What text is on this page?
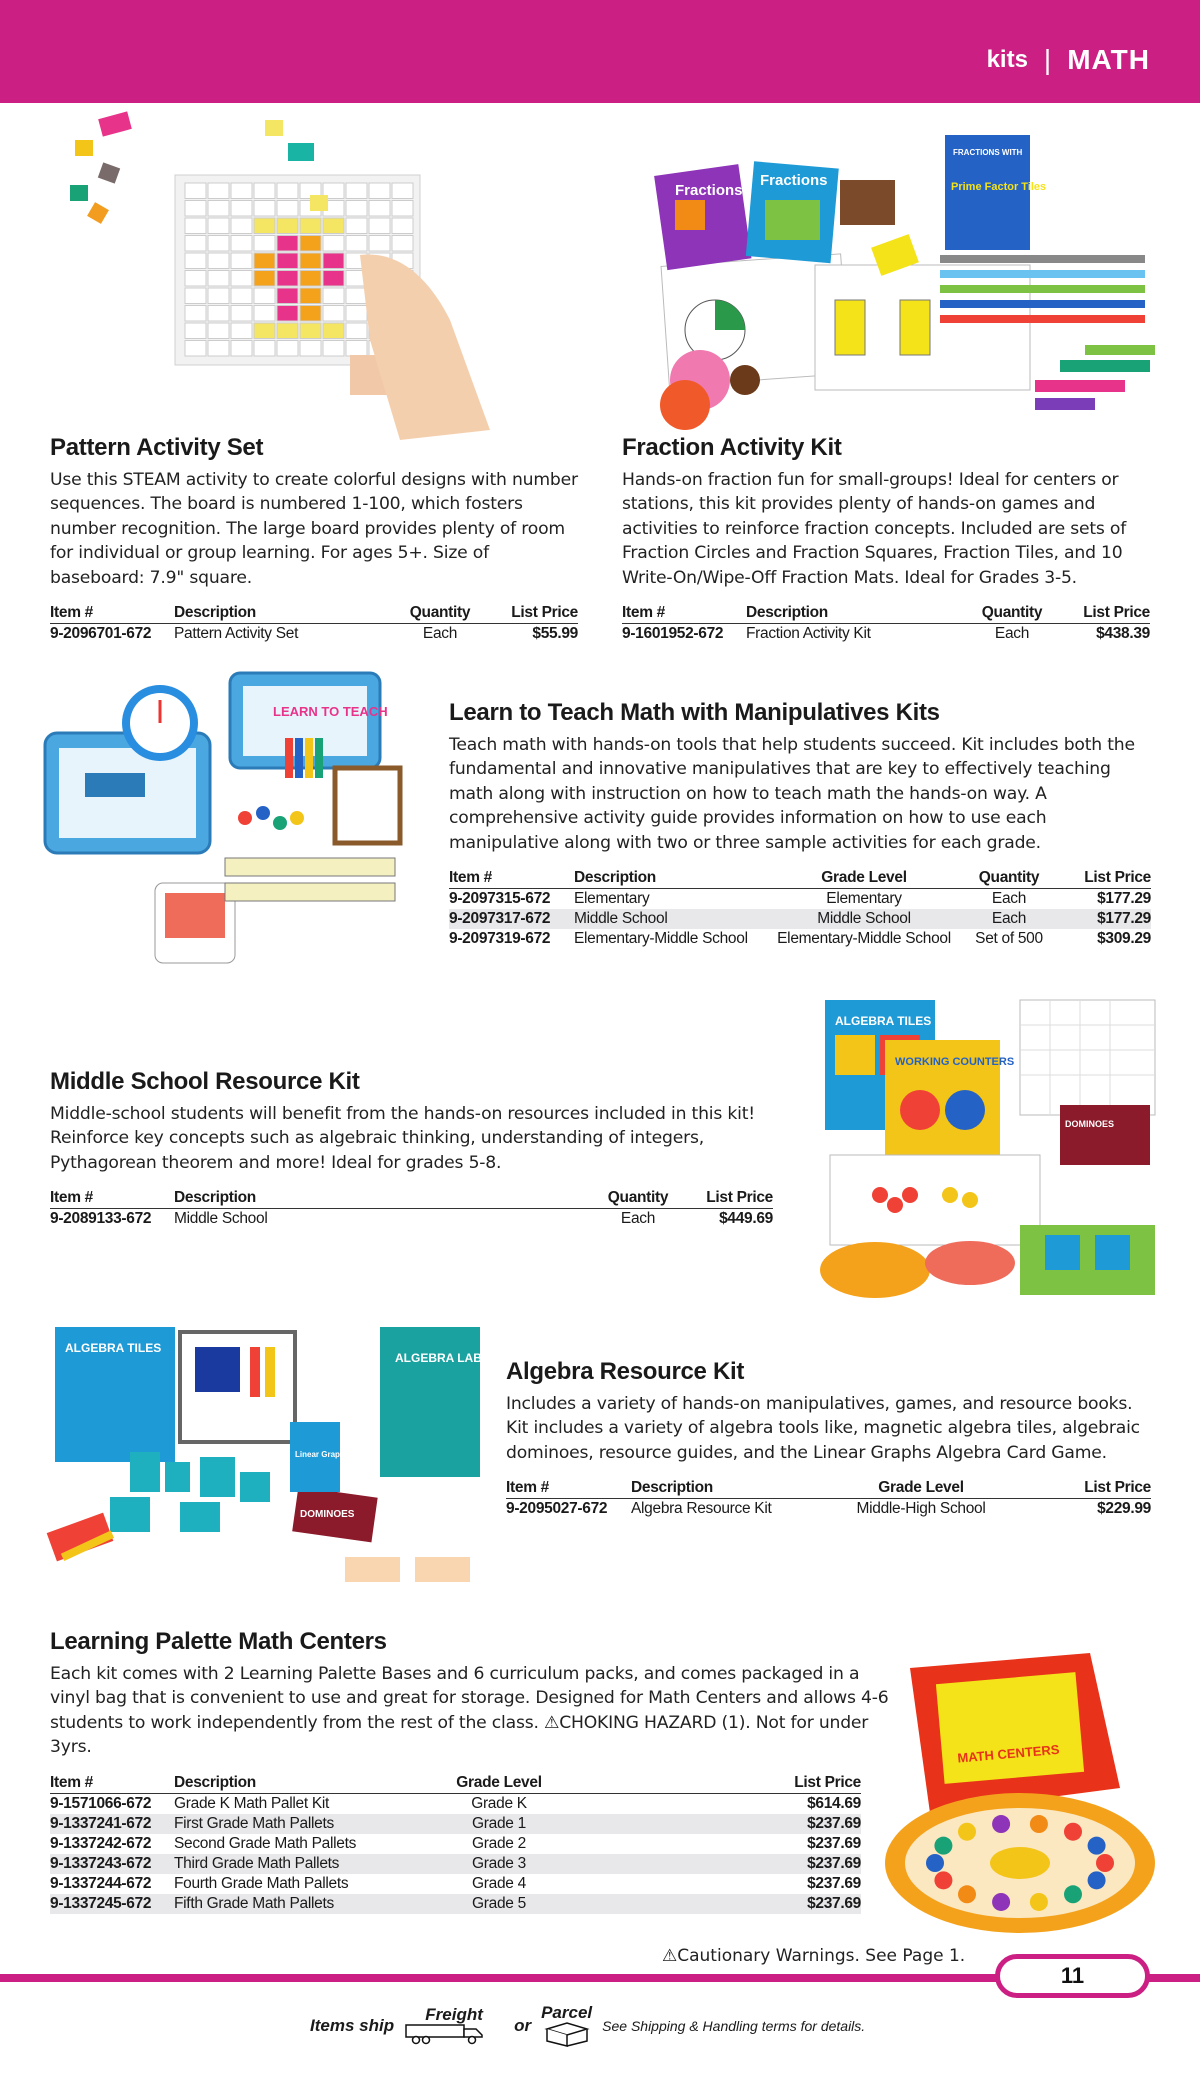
kits | MATH
Fractions
Fractions
FRACTIONS WITH
Prime Factor Tiles
Pattern Activity Set

Use this STEAM activity to create colorful designs with number sequences. The board is numbered 1-100, which fosters number recognition. The large board provides plenty of room for individual or group learning. For ages 5+. Size of baseboard: 7.9" square.

Item #	Description	Quantity	List Price
9-2096701-672	Pattern Activity Set	Each	$55.99
Fraction Activity Kit

Hands-on fraction fun for small-groups! Ideal for centers or stations, this kit provides plenty of hands-on games and activities to reinforce fraction concepts. Included are sets of Fraction Circles and Fraction Squares, Fraction Tiles, and 10 Write-On/Wipe-Off Fraction Mats. Ideal for Grades 3-5.

Item #	Description	Quantity	List Price
9-1601952-672	Fraction Activity Kit	Each	$438.39
LEARN TO TEACH	Learn to Teach Math with Manipulatives Kits

Teach math with hands-on tools that help students succeed. Kit includes both the fundamental and innovative manipulatives that are key to effectively teaching math along with instruction on how to teach math the hands-on way. A comprehensive activity guide provides information on how to use each manipulative along with two or three sample activities for each grade.

Item #	Description	Grade Level	Quantity	List Price
9-2097315-672	Elementary	Elementary	Each	$177.29
9-2097317-672	Middle School	Middle School	Each	$177.29
9-2097319-672	Elementary-Middle School	Elementary-Middle School	Set of 500	$309.29
Middle School Resource Kit

Middle-school students will benefit from the hands-on resources included in this kit! Reinforce key concepts such as algebraic thinking, understanding of integers, Pythagorean theorem and more! Ideal for grades 5-8.

Item #	Description	Quantity	List Price
9-2089133-672	Middle School	Each	$449.69
ALGEBRA TILES
WORKING COUNTERS
DOMINOES
ALGEBRA TILES
ALGEBRA LAB GEAR
DOMINOES
Linear Graphs
Algebra Resource Kit

Includes a variety of hands-on manipulatives, games, and resource books. Kit includes a variety of algebra tools like, magnetic algebra tiles, algebraic dominoes, resource guides, and the Linear Graphs Algebra Card Game.

Item #	Description	Grade Level	List Price
9-2095027-672	Algebra Resource Kit	Middle-High School	$229.99
Learning Palette Math Centers

Each kit comes with 2 Learning Palette Bases and 6 curriculum packs, and comes packaged in a vinyl bag that is convenient to use and great for storage. Designed for Math Centers and allows 4-6 students to work independently from the rest of the class. ⚠CHOKING HAZARD (1). Not for under 3yrs.

Item #	Description	Grade Level	List Price
9-1571066-672	Grade K Math Pallet Kit	Grade K	$614.69
9-1337241-672	First Grade Math Pallets	Grade 1	$237.69
9-1337242-672	Second Grade Math Pallets	Grade 2	$237.69
9-1337243-672	Third Grade Math Pallets	Grade 3	$237.69
9-1337244-672	Fourth Grade Math Pallets	Grade 4	$237.69
9-1337245-672	Fifth Grade Math Pallets	Grade 5	$237.69
MATH CENTERS
⚠Cautionary Warnings. See Page 1.
11
Items ship
Freight
or
Parcel
See Shipping & Handling terms for details.
